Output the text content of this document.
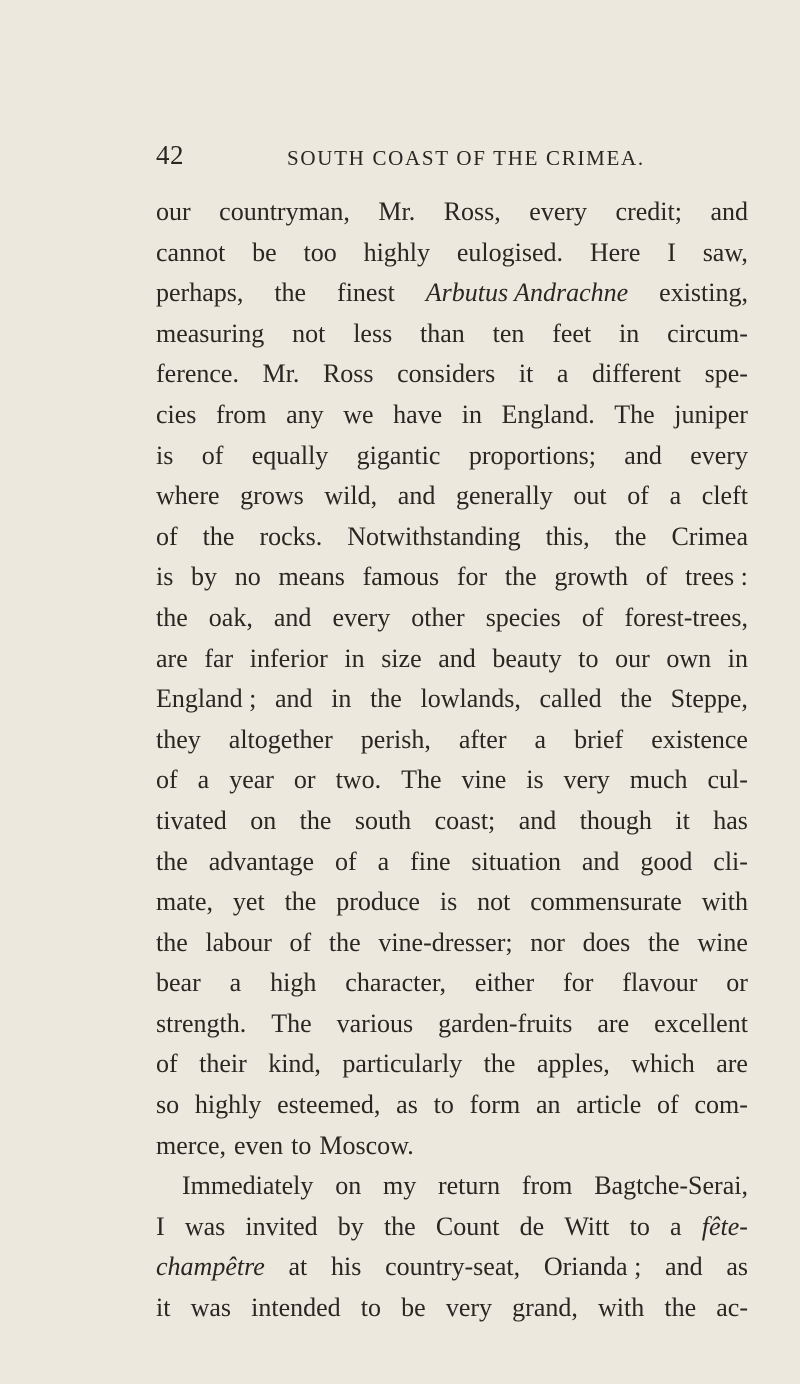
42	SOUTH COAST OF THE CRIMEA.
our countryman, Mr. Ross, every credit; and
cannot be too highly eulogised. Here I saw,
perhaps, the finest Arbutus Andrachne existing,
measuring not less than ten feet in circum-
ference. Mr. Ross considers it a different spe-
cies from any we have in England. The juniper
is of equally gigantic proportions; and every
where grows wild, and generally out of a cleft
of the rocks. Notwithstanding this, the Crimea
is by no means famous for the growth of trees :
the oak, and every other species of forest-trees,
are far inferior in size and beauty to our own in
England ; and in the lowlands, called the Steppe,
they altogether perish, after a brief existence
of a year or two. The vine is very much cul-
tivated on the south coast; and though it has
the advantage of a fine situation and good cli-
mate, yet the produce is not commensurate with
the labour of the vine-dresser; nor does the wine
bear a high character, either for flavour or
strength. The various garden-fruits are excellent
of their kind, particularly the apples, which are
so highly esteemed, as to form an article of com-
merce, even to Moscow.
Immediately on my return from Bagtche-Serai,
I was invited by the Count de Witt to a fête-
champêtre at his country-seat, Orianda ; and as
it was intended to be very grand, with the ac-
